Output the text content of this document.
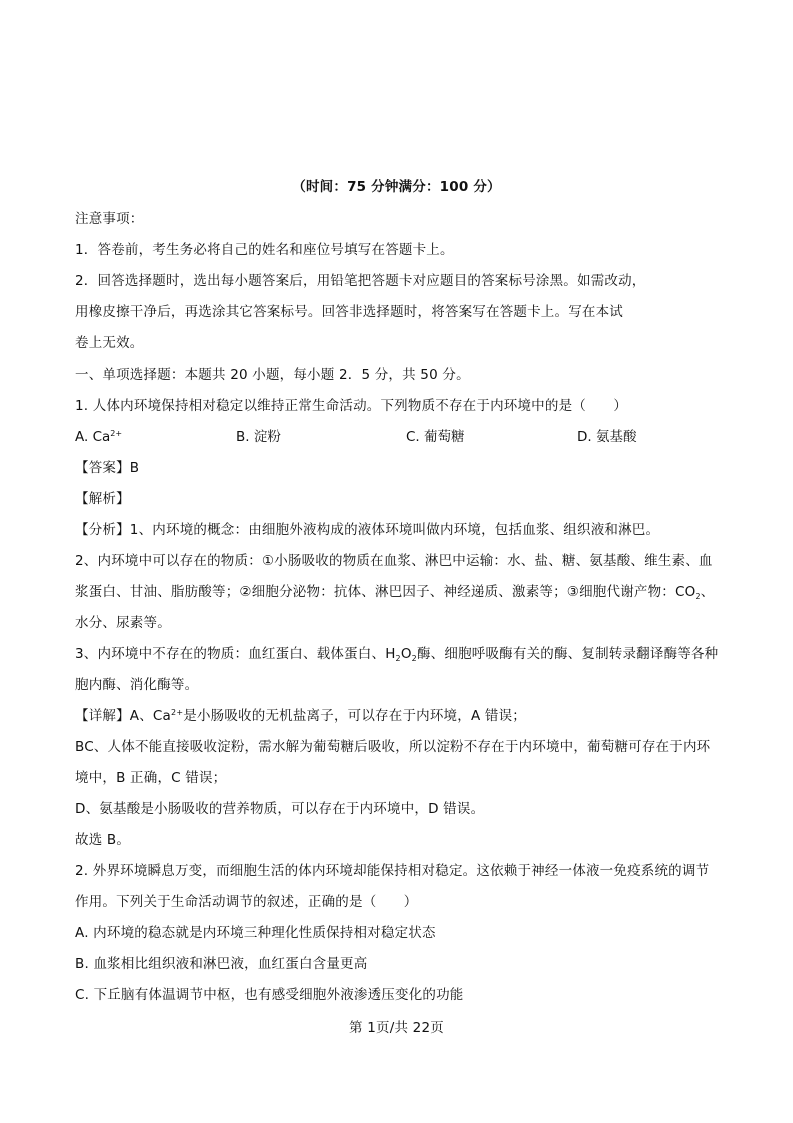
（时间：75 分钟满分：100 分）
注意事项：
1．答卷前，考生务必将自己的姓名和座位号填写在答题卡上。
2．回答选择题时，选出每小题答案后，用铅笔把答题卡对应题目的答案标号涂黑。如需改动，
用橡皮擦干净后，再选涂其它答案标号。回答非选择题时，将答案写在答题卡上。写在本试
卷上无效。
一、单项选择题：本题共 20 小题，每小题 2．5 分，共 50 分。
1. 人体内环境保持相对稳定以维持正常生命活动。下列物质不存在于内环境中的是（　　）
A. $Ca^{2+}$	B. 淀粉	C. 葡萄糖	D. 氨基酸
【答案】B
【解析】
【分析】1、内环境的概念：由细胞外液构成的液体环境叫做内环境，包括血浆、组织液和淋巴。
2、内环境中可以存在的物质：①小肠吸收的物质在血浆、淋巴中运输：水、盐、糖、氨基酸、维生素、血
浆蛋白、甘油、脂肪酸等；②细胞分泌物：抗体、淋巴因子、神经递质、激素等；③细胞代谢产物：$CO_2$、
水分、尿素等。
3、内环境中不存在的物质：血红蛋白、载体蛋白、$H_2O_2$酶、细胞呼吸酶有关的酶、复制转录翻译酶等各种
胞内酶、消化酶等。
【详解】A、$Ca^{2+}$是小肠吸收的无机盐离子，可以存在于内环境，A 错误；
BC、人体不能直接吸收淀粉，需水解为葡萄糖后吸收，所以淀粉不存在于内环境中，葡萄糖可存在于内环
境中，B 正确，C 错误；
D、氨基酸是小肠吸收的营养物质，可以存在于内环境中，D 错误。
故选 B。
2. 外界环境瞬息万变，而细胞生活的体内环境却能保持相对稳定。这依赖于神经一体液一免疫系统的调节
作用。下列关于生命活动调节的叙述，正确的是（　　）
A. 内环境的稳态就是内环境三种理化性质保持相对稳定状态
B. 血浆相比组织液和淋巴液，血红蛋白含量更高
C. 下丘脑有体温调节中枢，也有感受细胞外液渗透压变化的功能
第 1页/共 22页
